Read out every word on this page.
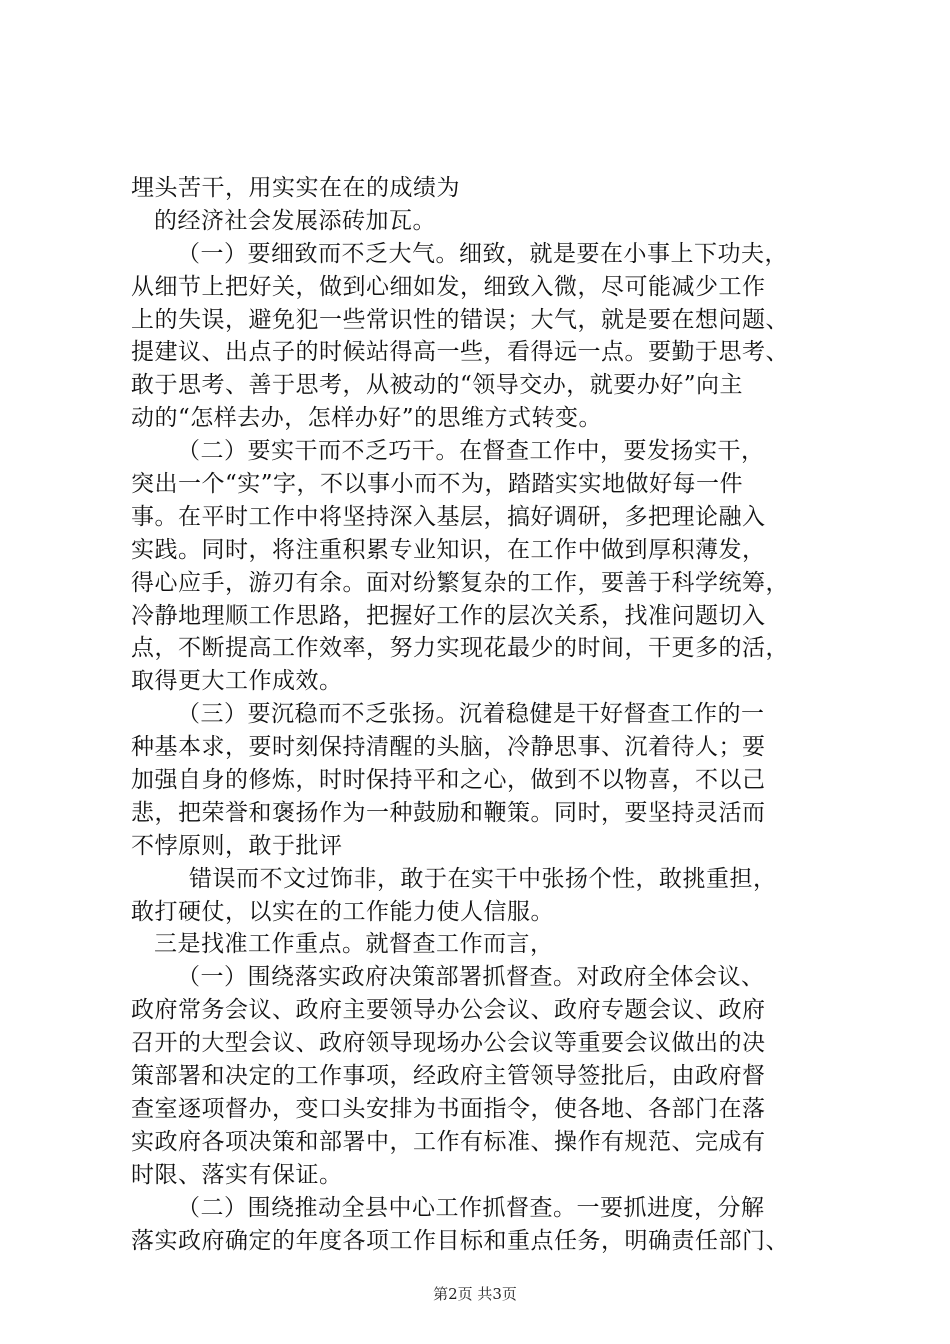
埋头苦干，用实实在在的成绩为
的经济社会发展添砖加瓦。
（一）要细致而不乏大气。细致，就是要在小事上下功夫，
从细节上把好关，做到心细如发，细致入微，尽可能减少工作
上的失误，避免犯一些常识性的错误；大气，就是要在想问题、
提建议、出点子的时候站得高一些，看得远一点。要勤于思考、
敢于思考、善于思考，从被动的“领导交办，就要办好”向主
动的“怎样去办，怎样办好”的思维方式转变。
（二）要实干而不乏巧干。在督查工作中，要发扬实干，
突出一个“实”字，不以事小而不为，踏踏实实地做好每一件
事。在平时工作中将坚持深入基层，搞好调研，多把理论融入
实践。同时，将注重积累专业知识，在工作中做到厚积薄发，
得心应手，游刃有余。面对纷繁复杂的工作，要善于科学统筹，
冷静地理顺工作思路，把握好工作的层次关系，找准问题切入
点，不断提高工作效率，努力实现花最少的时间，干更多的活，
取得更大工作成效。
（三）要沉稳而不乏张扬。沉着稳健是干好督查工作的一
种基本求，要时刻保持清醒的头脑，冷静思事、沉着待人；要
加强自身的修炼，时时保持平和之心，做到不以物喜，不以己
悲，把荣誉和褒扬作为一种鼓励和鞭策。同时，要坚持灵活而
不悖原则，敢于批评
错误而不文过饰非，敢于在实干中张扬个性，敢挑重担，
敢打硬仗，以实在的工作能力使人信服。
三是找准工作重点。就督查工作而言，
（一）围绕落实政府决策部署抓督查。对政府全体会议、
政府常务会议、政府主要领导办公会议、政府专题会议、政府
召开的大型会议、政府领导现场办公会议等重要会议做出的决
策部署和决定的工作事项，经政府主管领导签批后，由政府督
查室逐项督办，变口头安排为书面指令，使各地、各部门在落
实政府各项决策和部署中，工作有标准、操作有规范、完成有
时限、落实有保证。
（二）围绕推动全县中心工作抓督查。一要抓进度，分解
落实政府确定的年度各项工作目标和重点任务，明确责任部门、
第2页 共3页
